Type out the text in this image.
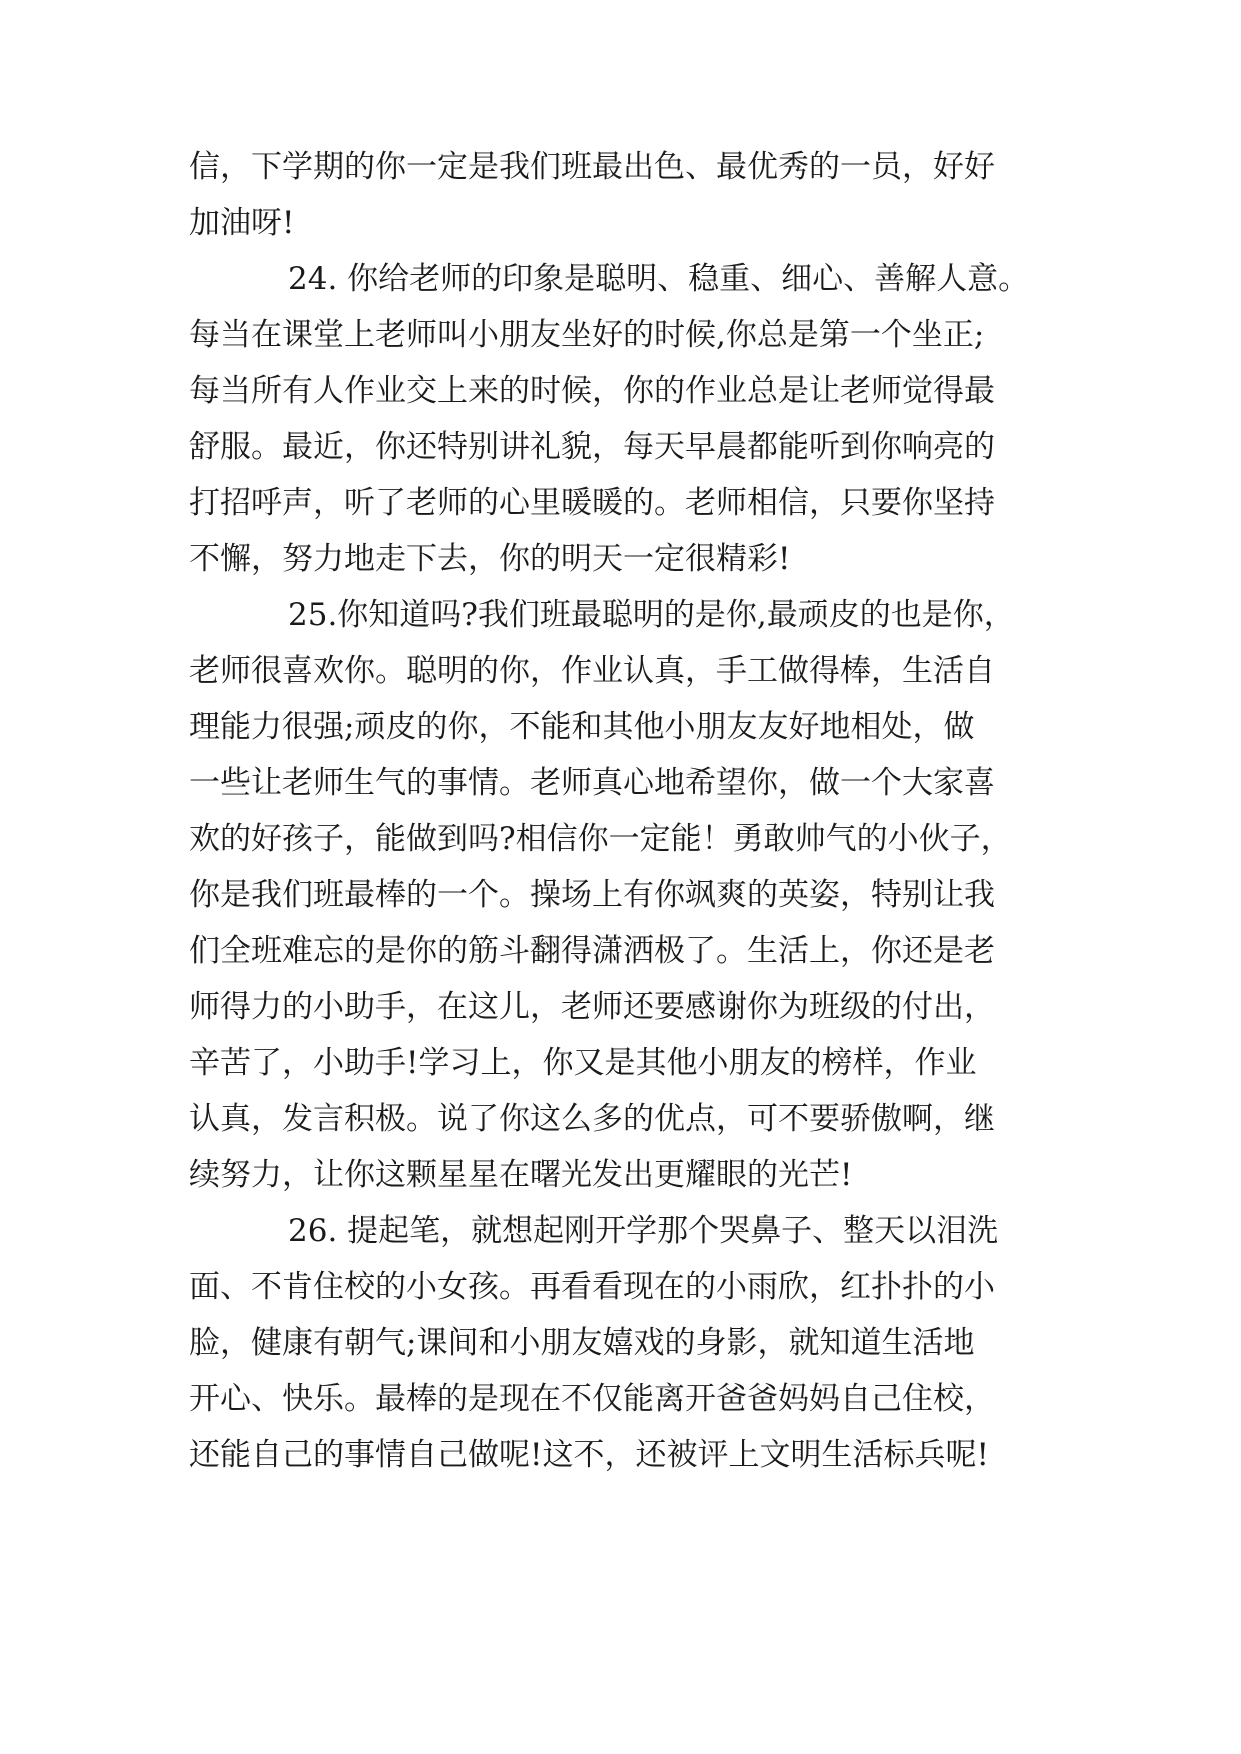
信，下学期的你一定是我们班最出色、最优秀的一员，好好

加油呀!

24. 你给老师的印象是聪明、稳重、细心、善解人意。

每当在课堂上老师叫小朋友坐好的时候,你总是第一个坐正;

每当所有人作业交上来的时候，你的作业总是让老师觉得最

舒服。最近，你还特别讲礼貌，每天早晨都能听到你响亮的

打招呼声，听了老师的心里暖暖的。老师相信，只要你坚持

不懈，努力地走下去，你的明天一定很精彩!

25.你知道吗?我们班最聪明的是你,最顽皮的也是你，

老师很喜欢你。聪明的你，作业认真，手工做得棒，生活自

理能力很强;顽皮的你，不能和其他小朋友友好地相处，做

一些让老师生气的事情。老师真心地希望你，做一个大家喜

欢的好孩子，能做到吗?相信你一定能！勇敢帅气的小伙子，

你是我们班最棒的一个。操场上有你飒爽的英姿，特别让我

们全班难忘的是你的筋斗翻得潇洒极了。生活上，你还是老

师得力的小助手，在这儿，老师还要感谢你为班级的付出，

辛苦了，小助手!学习上，你又是其他小朋友的榜样，作业

认真，发言积极。说了你这么多的优点，可不要骄傲啊，继

续努力，让你这颗星星在曙光发出更耀眼的光芒!

26. 提起笔，就想起刚开学那个哭鼻子、整天以泪洗

面、不肯住校的小女孩。再看看现在的小雨欣，红扑扑的小

脸，健康有朝气;课间和小朋友嬉戏的身影，就知道生活地

开心、快乐。最棒的是现在不仅能离开爸爸妈妈自己住校，

还能自己的事情自己做呢!这不，还被评上文明生活标兵呢!
